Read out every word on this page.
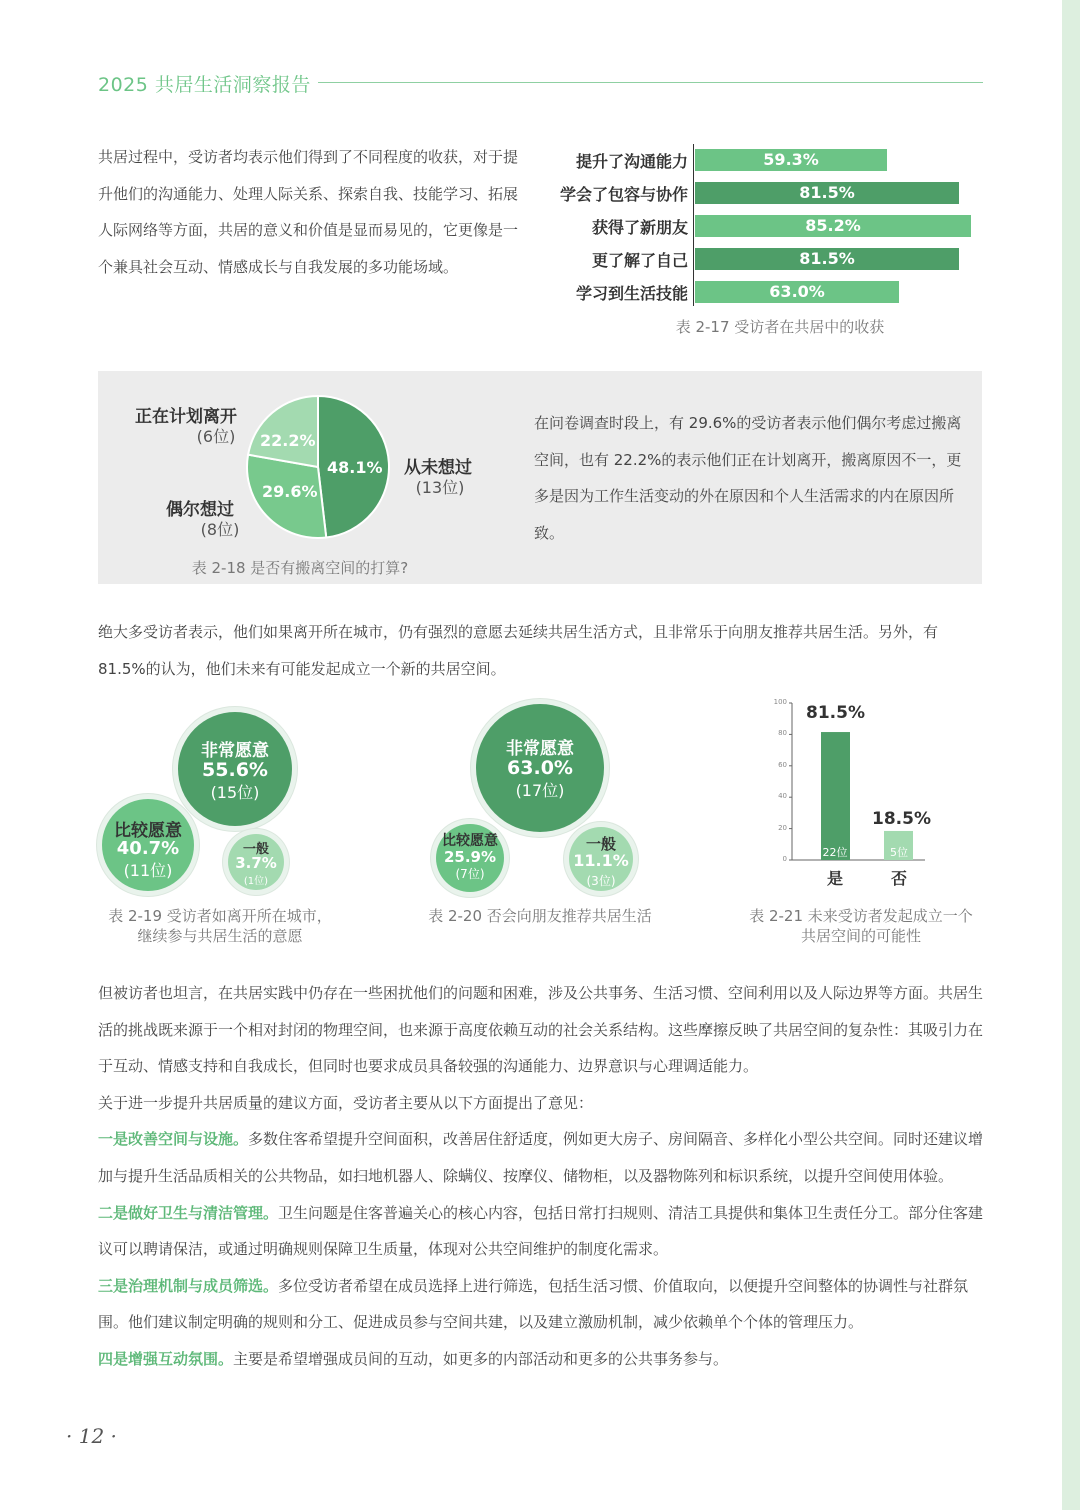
2025 共居生活洞察报告

共居过程中，受访者均表示他们得到了不同程度的收获，对于提升他们的沟通能力、处理人际关系、探索自我、技能学习、拓展人际网络等方面，共居的意义和价值是显而易见的，它更像是一个兼具社会互动、情感成长与自我发展的多功能场域。

提升了沟通能力
学会了包容与协作
获得了新朋友
更了解了自己
学习到生活技能
59.3%
81.5%
85.2%
81.5%
63.0%
表 2-17 受访者在共居中的收获
正在计划离开
(6位)
从未想过
(13位)
偶尔想过
(8位)
22.2%
48.1%
29.6%
表 2-18 是否有搬离空间的打算?

在问卷调查时段上，有 29.6%的受访者表示他们偶尔考虑过搬离空间，也有 22.2%的表示他们正在计划离开，搬离原因不一，更多是因为工作生活变动的外在原因和个人生活需求的内在原因所致。

绝大多受访者表示，他们如果离开所在城市，仍有强烈的意愿去延续共居生活方式，且非常乐于向朋友推荐共居生活。另外，有 81.5%的认为，他们未来有可能发起成立一个新的共居空间。

非常愿意
55.6%
(15位)
比较愿意
40.7%
(11位)
一般
3.7%
(1位)
表 2-19 受访者如离开所在城市，
继续参与共居生活的意愿
非常愿意
63.0%
(17位)
比较愿意
25.9%
(7位)
一般
11.1%
(3位)
表 2-20 否会向朋友推荐共居生活
0
20
40
60
80
100
81.5%
18.5%
22位	5位
是	否
表 2-21 未来受访者发起成立一个
共居空间的可能性
但被访者也坦言，在共居实践中仍存在一些困扰他们的问题和困难，涉及公共事务、生活习惯、空间利用以及人际边界等方面。共居生活的挑战既来源于一个相对封闭的物理空间，也来源于高度依赖互动的社会关系结构。这些摩擦反映了共居空间的复杂性：其吸引力在于互动、情感支持和自我成长，但同时也要求成员具备较强的沟通能力、边界意识与心理调适能力。
关于进一步提升共居质量的建议方面，受访者主要从以下方面提出了意见：
一是改善空间与设施。多数住客希望提升空间面积，改善居住舒适度，例如更大房子、房间隔音、多样化小型公共空间。同时还建议增加与提升生活品质相关的公共物品，如扫地机器人、除螨仪、按摩仪、储物柜，以及器物陈列和标识系统，以提升空间使用体验。
二是做好卫生与清洁管理。卫生问题是住客普遍关心的核心内容，包括日常打扫规则、清洁工具提供和集体卫生责任分工。部分住客建议可以聘请保洁，或通过明确规则保障卫生质量，体现对公共空间维护的制度化需求。
三是治理机制与成员筛选。多位受访者希望在成员选择上进行筛选，包括生活习惯、价值取向，以便提升空间整体的协调性与社群氛围。他们建议制定明确的规则和分工、促进成员参与空间共建，以及建立激励机制，减少依赖单个个体的管理压力。
四是增强互动氛围。主要是希望增强成员间的互动，如更多的内部活动和更多的公共事务参与。
· 12 ·
